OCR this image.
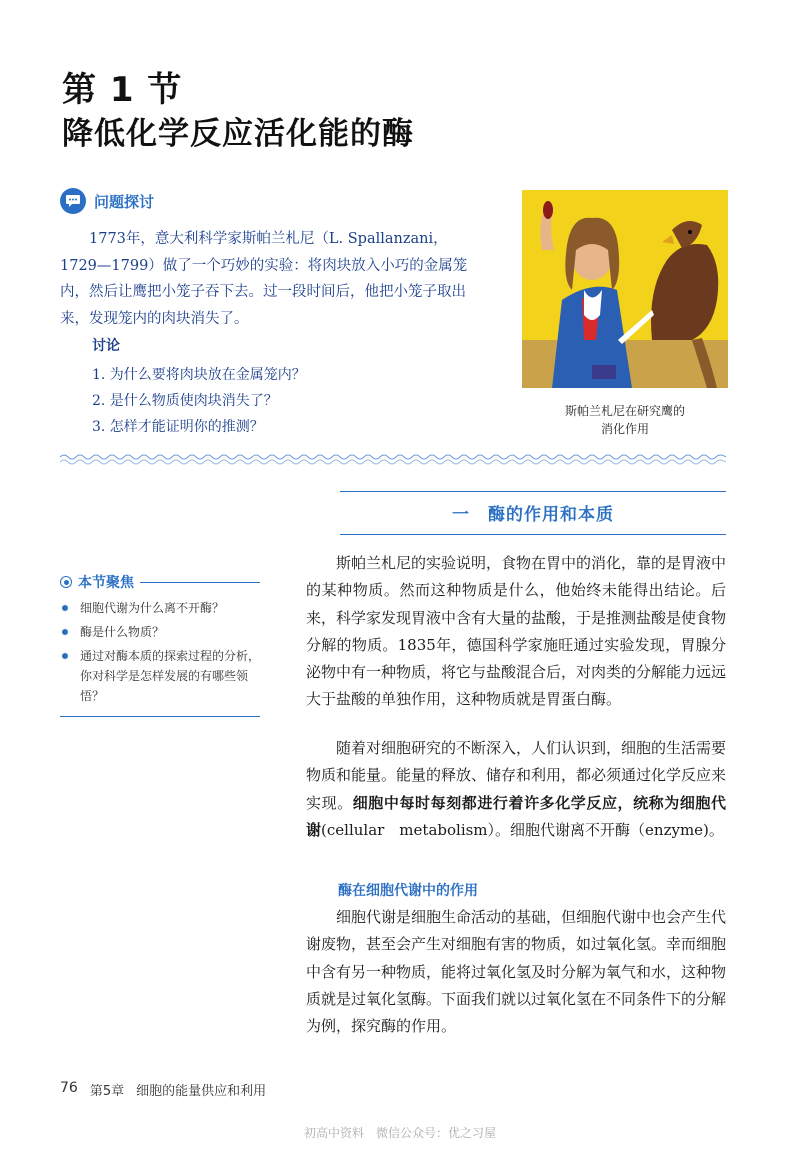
第 1 节
降低化学反应活化能的酶
问题探讨
1773年，意大利科学家斯帕兰札尼（L. Spallanzani，1729—1799）做了一个巧妙的实验：将肉块放入小巧的金属笼内，然后让鹰把小笼子吞下去。过一段时间后，他把小笼子取出来，发现笼内的肉块消失了。
讨论
1. 为什么要将肉块放在金属笼内？
2. 是什么物质使肉块消失了？
3. 怎样才能证明你的推测？
斯帕兰札尼在研究鹰的
消化作用
一　酶的作用和本质
本节聚焦
细胞代谢为什么离不开酶？
酶是什么物质？
通过对酶本质的探索过程的分析，你对科学是怎样发展的有哪些领悟？

斯帕兰札尼的实验说明，食物在胃中的消化，靠的是胃液中的某种物质。然而这种物质是什么，他始终未能得出结论。后来，科学家发现胃液中含有大量的盐酸，于是推测盐酸是使食物分解的物质。1835年，德国科学家施旺通过实验发现，胃腺分泌物中有一种物质，将它与盐酸混合后，对肉类的分解能力远远大于盐酸的单独作用，这种物质就是胃蛋白酶。

随着对细胞研究的不断深入，人们认识到，细胞的生活需要物质和能量。能量的释放、储存和利用，都必须通过化学反应来实现。细胞中每时每刻都进行着许多化学反应，统称为细胞代谢(cellular　metabolism）。细胞代谢离不开酶（enzyme)。

酶在细胞代谢中的作用

细胞代谢是细胞生命活动的基础，但细胞代谢中也会产生代谢废物，甚至会产生对细胞有害的物质，如过氧化氢。幸而细胞中含有另一种物质，能将过氧化氢及时分解为氧气和水，这种物质就是过氧化氢酶。下面我们就以过氧化氢在不同条件下的分解为例，探究酶的作用。

76 第5章 细胞的能量供应和利用
初高中资料　微信公众号：优之习屋
